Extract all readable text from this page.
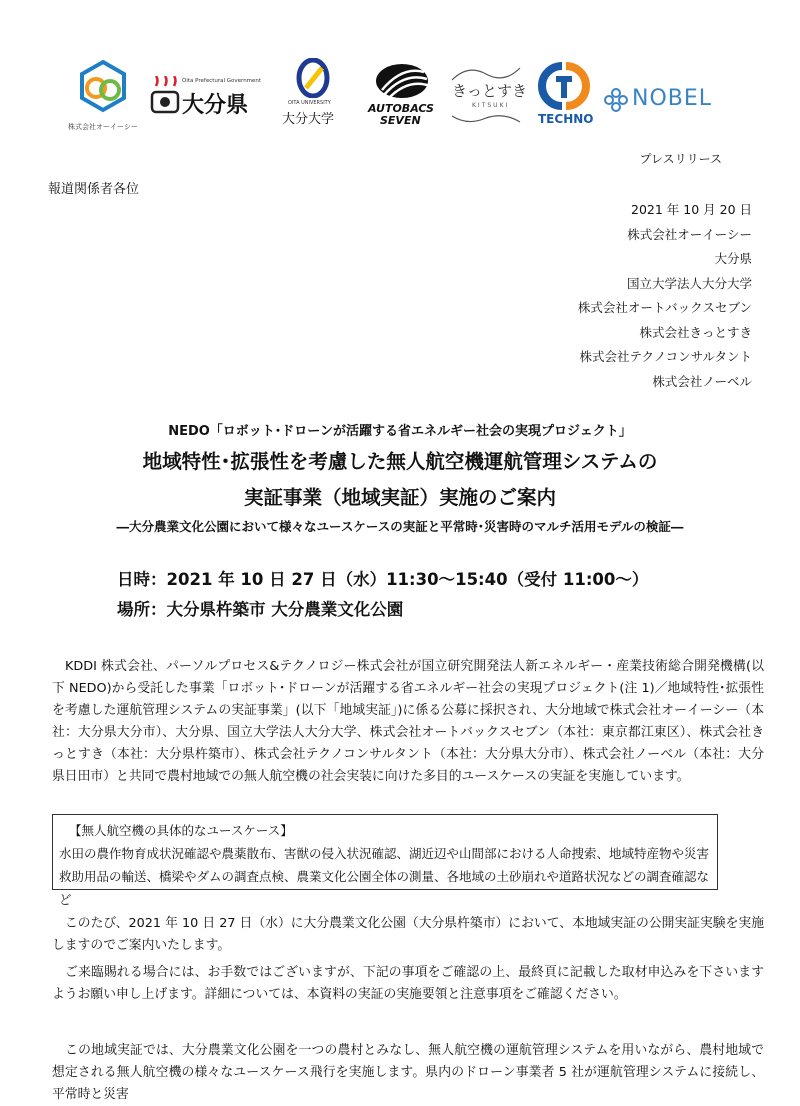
株式会社オーイーシー
Oita Prefectural Government
大分県	OITA UNIVERSITY
大分大学
AUTOBACS
SEVEN
きっとすき
KITSUKI
TECHNO
NOBEL
プレスリリース
報道関係者各位
2021 年 10 月 20 日
株式会社オーイーシー
大分県
国立大学法人大分大学
株式会社オートバックスセブン
株式会社きっとすき
株式会社テクノコンサルタント
株式会社ノーベル
NEDO「ロボット･ドローンが活躍する省エネルギー社会の実現プロジェクト」
地域特性･拡張性を考慮した無人航空機運航管理システムの
実証事業（地域実証）実施のご案内
―大分農業文化公園において様々なユースケースの実証と平常時･災害時のマルチ活用モデルの検証―
日時：2021 年 10 日 27 日（水）11:30～15:40（受付 11:00～）
場所：大分県杵築市 大分農業文化公園
KDDI 株式会社、パーソルプロセス&テクノロジー株式会社が国立研究開発法人新エネルギー・産業技術総合開発機構(以下 NEDO)から受託した事業「ロボット･ドローンが活躍する省エネルギー社会の実現プロジェクト(注 1)／地域特性･拡張性を考慮した運航管理システムの実証事業」(以下「地域実証」)に係る公募に採択され、大分地域で株式会社オーイーシー（本社：大分県大分市）、大分県、国立大学法人大分大学、株式会社オートバックスセブン（本社：東京都江東区）、株式会社きっとすき（本社：大分県杵築市）、株式会社テクノコンサルタント（本社：大分県大分市）、株式会社ノーベル（本社：大分県日田市）と共同で農村地域での無人航空機の社会実装に向けた多目的ユースケースの実証を実施しています。
【無人航空機の具体的なユースケース】
水田の農作物育成状況確認や農薬散布、害獣の侵入状況確認、湖近辺や山間部における人命捜索、地域特産物や災害救助用品の輸送、橋梁やダムの調査点検、農業文化公園全体の測量、各地域の土砂崩れや道路状況などの調査確認など
このたび、2021 年 10 日 27 日（水）に大分農業文化公園（大分県杵築市）において、本地域実証の公開実証実験を実施しますのでご案内いたします。
ご来臨賜れる場合には、お手数ではございますが、下記の事項をご確認の上、最終頁に記載した取材申込みを下さいますようお願い申し上げます。詳細については、本資料の実証の実施要領と注意事項をご確認ください。
この地域実証では、大分農業文化公園を一つの農村とみなし、無人航空機の運航管理システムを用いながら、農村地域で想定される無人航空機の様々なユースケース飛行を実施します。県内のドローン事業者 5 社が運航管理システムに接続し、平常時と災害
